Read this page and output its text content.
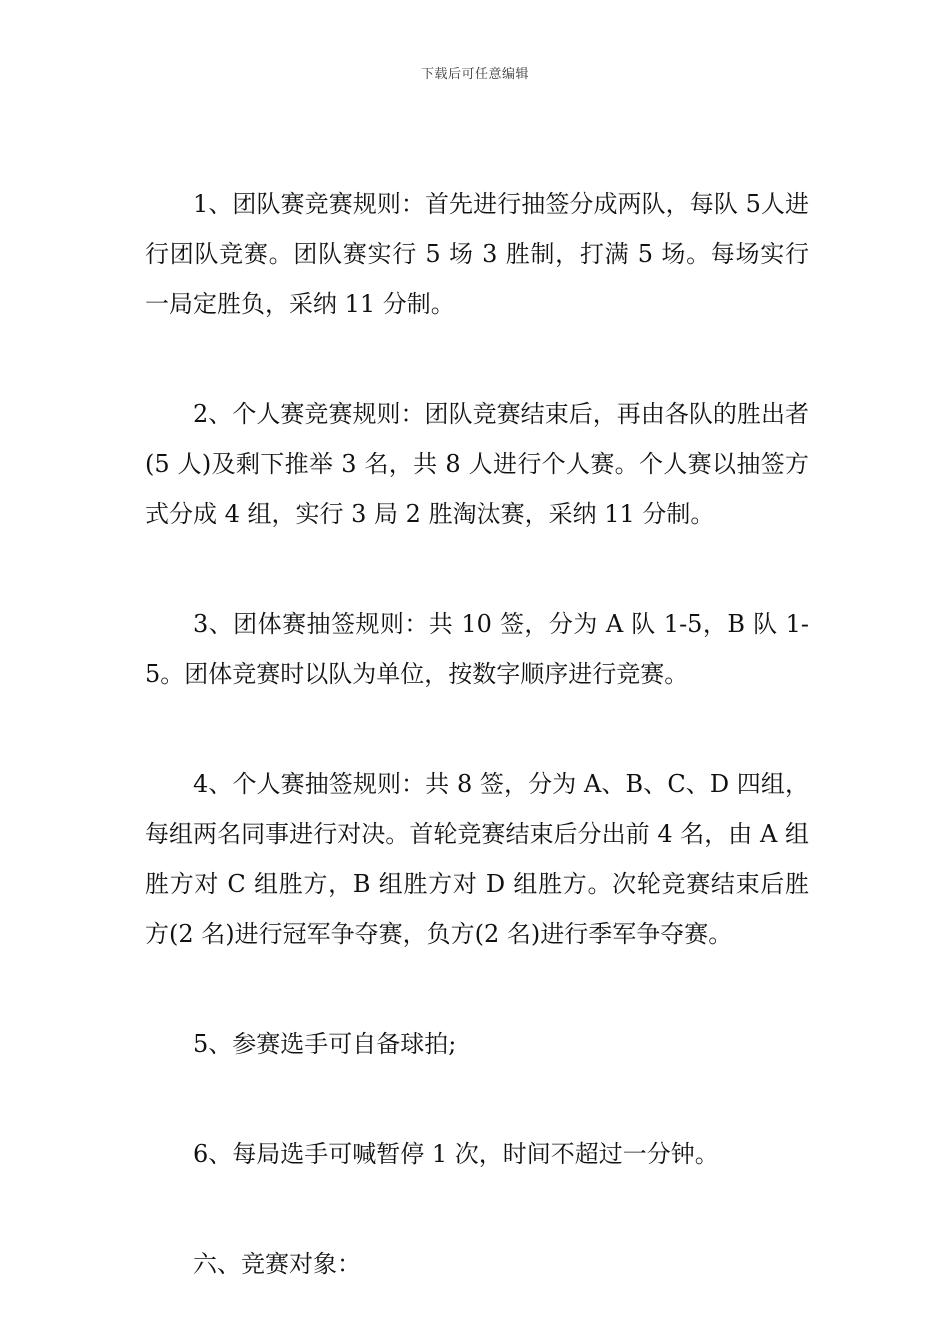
下载后可任意编辑

1、团队赛竞赛规则：首先进行抽签分成两队，每队 5人进行团队竞赛。团队赛实行 5 场 3 胜制，打满 5 场。每场实行一局定胜负，采纳 11 分制。

2、个人赛竞赛规则：团队竞赛结束后，再由各队的胜出者(5 人)及剩下推举 3 名，共 8 人进行个人赛。个人赛以抽签方式分成 4 组，实行 3 局 2 胜淘汰赛，采纳 11 分制。

3、团体赛抽签规则：共 10 签，分为 A 队 1-5，B 队 1-5。团体竞赛时以队为单位，按数字顺序进行竞赛。

4、个人赛抽签规则：共 8 签，分为 A、B、C、D 四组，每组两名同事进行对决。首轮竞赛结束后分出前 4 名，由 A 组胜方对 C 组胜方，B 组胜方对 D 组胜方。次轮竞赛结束后胜方(2 名)进行冠军争夺赛，负方(2 名)进行季军争夺赛。

5、参赛选手可自备球拍;

6、每局选手可喊暂停 1 次，时间不超过一分钟。

六、竞赛对象：
